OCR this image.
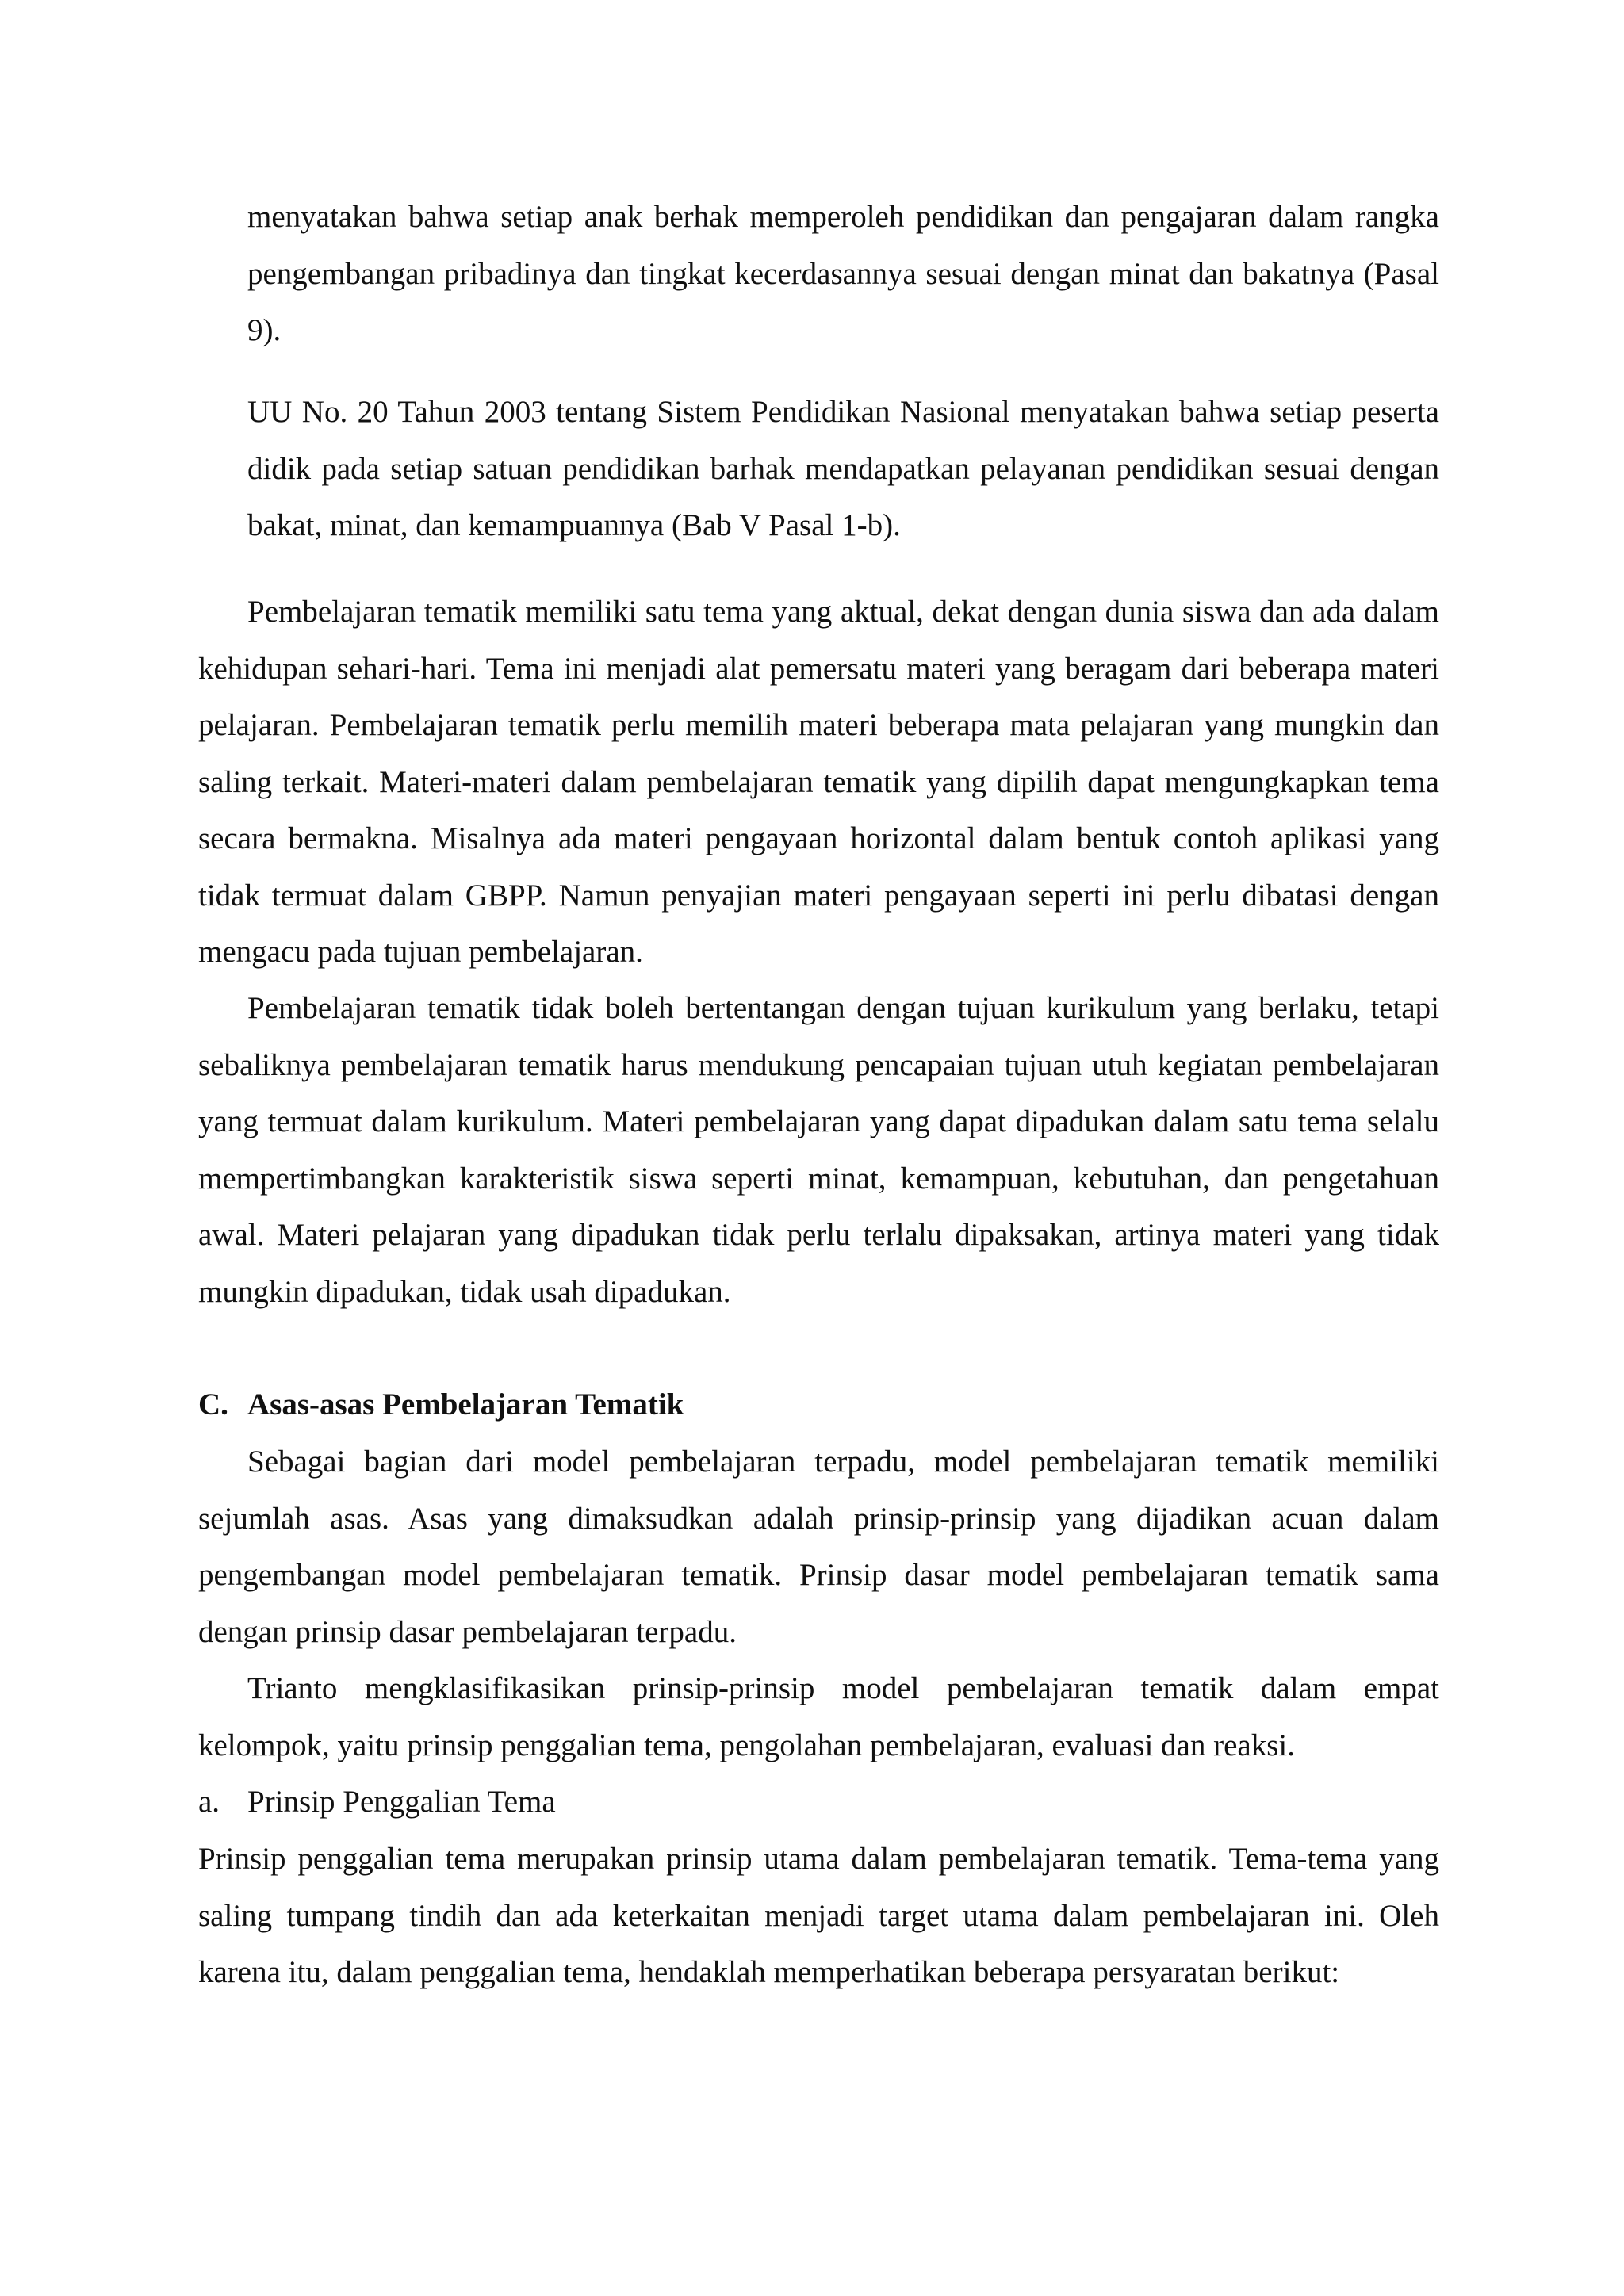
menyatakan bahwa setiap anak berhak memperoleh pendidikan dan pengajaran dalam rangka pengembangan pribadinya dan tingkat kecerdasannya sesuai dengan minat dan bakatnya (Pasal 9).

UU No. 20 Tahun 2003 tentang Sistem Pendidikan Nasional menyatakan bahwa setiap peserta didik pada setiap satuan pendidikan barhak mendapatkan pelayanan pendidikan sesuai dengan bakat, minat, dan kemampuannya (Bab V Pasal 1-b).

Pembelajaran tematik memiliki satu tema yang aktual, dekat dengan dunia siswa dan ada dalam kehidupan sehari-hari. Tema ini menjadi alat pemersatu materi yang beragam dari beberapa materi pelajaran. Pembelajaran tematik perlu memilih materi beberapa mata pelajaran yang mungkin dan saling terkait. Materi-materi dalam pembelajaran tematik yang dipilih dapat mengungkapkan tema secara bermakna. Misalnya ada materi pengayaan horizontal dalam bentuk contoh aplikasi yang tidak termuat dalam GBPP. Namun penyajian materi pengayaan seperti ini perlu dibatasi dengan mengacu pada tujuan pembelajaran.

Pembelajaran tematik tidak boleh bertentangan dengan tujuan kurikulum yang berlaku, tetapi sebaliknya pembelajaran tematik harus mendukung pencapaian tujuan utuh kegiatan pembelajaran yang termuat dalam kurikulum. Materi pembelajaran yang dapat dipadukan dalam satu tema selalu mempertimbangkan karakteristik siswa seperti minat, kemampuan, kebutuhan, dan pengetahuan awal. Materi pelajaran yang dipadukan tidak perlu terlalu dipaksakan, artinya materi yang tidak mungkin dipadukan, tidak usah dipadukan.

C. Asas-asas Pembelajaran Tematik

Sebagai bagian dari model pembelajaran terpadu, model pembelajaran tematik memiliki sejumlah asas. Asas yang dimaksudkan adalah prinsip-prinsip yang dijadikan acuan dalam pengembangan model pembelajaran tematik. Prinsip dasar model pembelajaran tematik sama dengan prinsip dasar pembelajaran terpadu.

Trianto mengklasifikasikan prinsip-prinsip model pembelajaran tematik dalam empat kelompok, yaitu prinsip penggalian tema, pengolahan pembelajaran, evaluasi dan reaksi.

a. Prinsip Penggalian Tema

Prinsip penggalian tema merupakan prinsip utama dalam pembelajaran tematik. Tema-tema yang saling tumpang tindih dan ada keterkaitan menjadi target utama dalam pembelajaran ini. Oleh karena itu, dalam penggalian tema, hendaklah memperhatikan beberapa persyaratan berikut:
